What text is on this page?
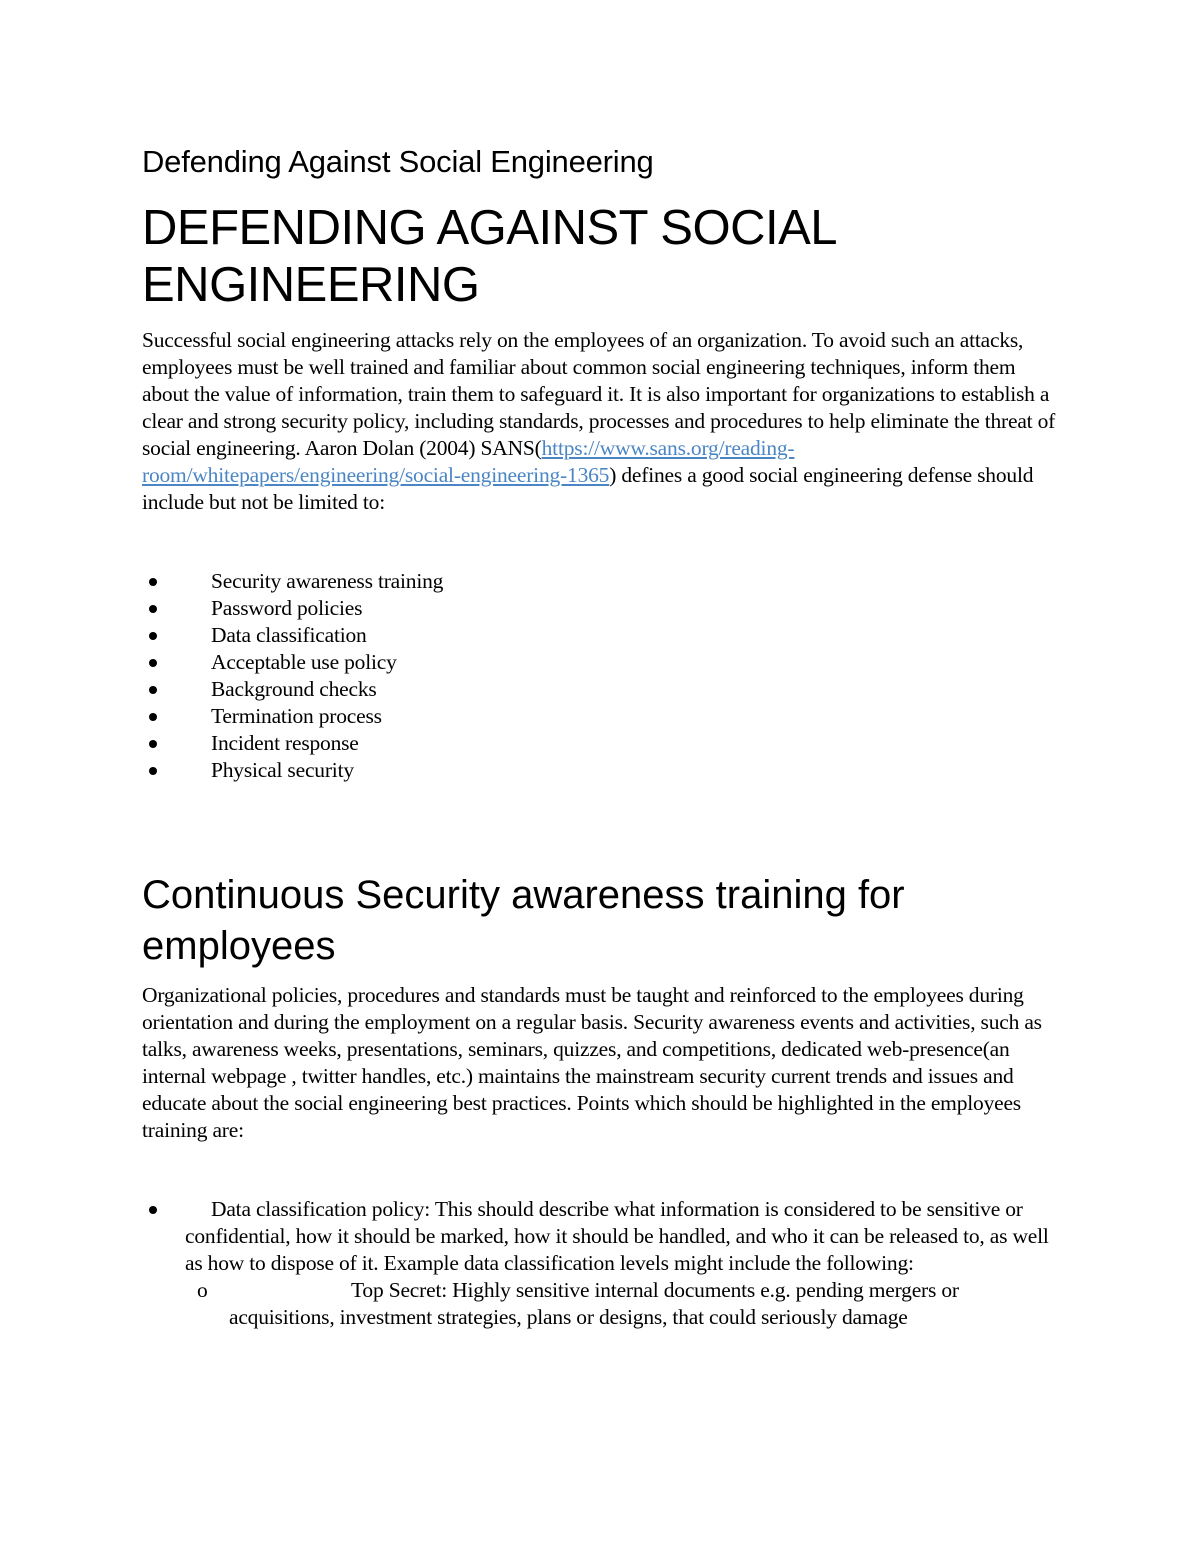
Defending Against Social Engineering
DEFENDING AGAINST SOCIAL ENGINEERING

Successful social engineering attacks rely on the employees of an organization. To avoid such an attacks, employees must be well trained and familiar about common social engineering techniques, inform them about the value of information, train them to safeguard it. It is also important for organizations to establish a clear and strong security policy, including standards, processes and procedures to help eliminate the threat of social engineering. Aaron Dolan (2004) SANS(https://www.sans.org/reading-room/whitepapers/engineering/social-engineering-1365) defines a good social engineering defense should include but not be limited to:

Security awareness training
Password policies
Data classification
Acceptable use policy
Background checks
Termination process
Incident response
Physical security
Continuous Security awareness training for
employees

Organizational policies, procedures and standards must be taught and reinforced to the employees during orientation and during the employment on a regular basis. Security awareness events and activities, such as talks, awareness weeks, presentations, seminars, quizzes, and competitions, dedicated web-presence(an internal webpage , twitter handles, etc.) maintains the mainstream security current trends and issues and educate about the social engineering best practices. Points which should be highlighted in the employees training are:

Data classification policy: This should describe what information is considered to be sensitive or confidential, how it should be marked, how it should be handled, and who it can be released to, as well as how to dispose of it. Example data classification levels might include the following:
o	Top Secret: Highly sensitive internal documents e.g. pending mergers or acquisitions, investment strategies, plans or designs, that could seriously damage
